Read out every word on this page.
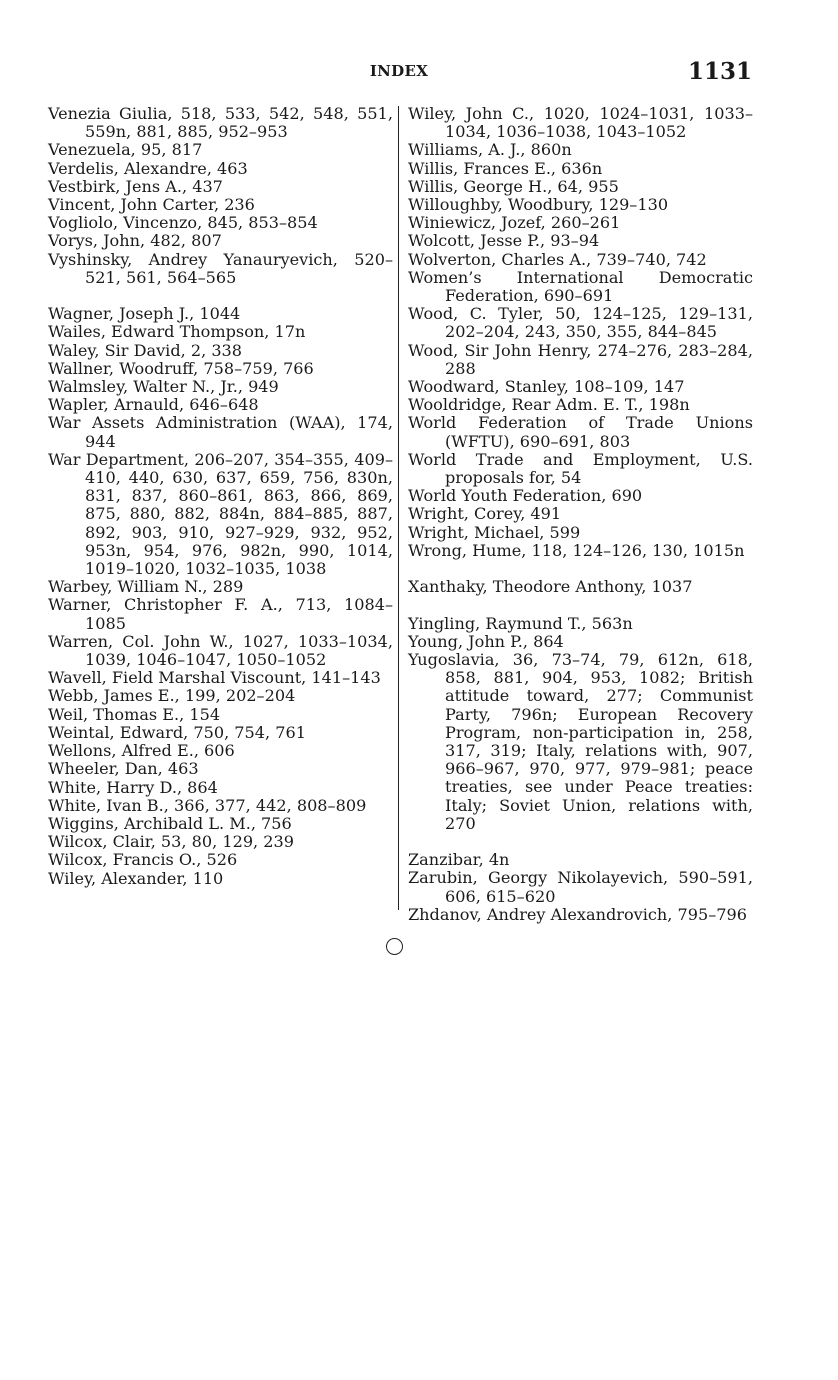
INDEX	1131
Venezia Giulia, 518, 533, 542, 548, 551, 559n, 881, 885, 952–953
Venezuela, 95, 817
Verdelis, Alexandre, 463
Vestbirk, Jens A., 437
Vincent, John Carter, 236
Vogliolo, Vincenzo, 845, 853–854
Vorys, John, 482, 807
Vyshinsky, Andrey Yanauryevich, 520–521, 561, 564–565
Wagner, Joseph J., 1044
Wailes, Edward Thompson, 17n
Waley, Sir David, 2, 338
Wallner, Woodruff, 758–759, 766
Walmsley, Walter N., Jr., 949
Wapler, Arnauld, 646–648
War Assets Administration (WAA), 174, 944
War Department, 206–207, 354–355, 409–410, 440, 630, 637, 659, 756, 830n, 831, 837, 860–861, 863, 866, 869, 875, 880, 882, 884n, 884–885, 887, 892, 903, 910, 927–929, 932, 952, 953n, 954, 976, 982n, 990, 1014, 1019–1020, 1032–1035, 1038
Warbey, William N., 289
Warner, Christopher F. A., 713, 1084–1085
Warren, Col. John W., 1027, 1033–1034, 1039, 1046–1047, 1050–1052
Wavell, Field Marshal Viscount, 141–143
Webb, James E., 199, 202–204
Weil, Thomas E., 154
Weintal, Edward, 750, 754, 761
Wellons, Alfred E., 606
Wheeler, Dan, 463
White, Harry D., 864
White, Ivan B., 366, 377, 442, 808–809
Wiggins, Archibald L. M., 756
Wilcox, Clair, 53, 80, 129, 239
Wilcox, Francis O., 526
Wiley, Alexander, 110
Wiley, John C., 1020, 1024–1031, 1033–1034, 1036–1038, 1043–1052
Williams, A. J., 860n
Willis, Frances E., 636n
Willis, George H., 64, 955
Willoughby, Woodbury, 129–130
Winiewicz, Jozef, 260–261
Wolcott, Jesse P., 93–94
Wolverton, Charles A., 739–740, 742
Women’s International Democratic Federation, 690–691
Wood, C. Tyler, 50, 124–125, 129–131, 202–204, 243, 350, 355, 844–845
Wood, Sir John Henry, 274–276, 283–284, 288
Woodward, Stanley, 108–109, 147
Wooldridge, Rear Adm. E. T., 198n
World Federation of Trade Unions (WFTU), 690–691, 803
World Trade and Employment, U.S. proposals for, 54
World Youth Federation, 690
Wright, Corey, 491
Wright, Michael, 599
Wrong, Hume, 118, 124–126, 130, 1015n
Xanthaky, Theodore Anthony, 1037
Yingling, Raymund T., 563n
Young, John P., 864
Yugoslavia, 36, 73–74, 79, 612n, 618, 858, 881, 904, 953, 1082; British attitude toward, 277; Communist Party, 796n; European Recovery Program, non-participation in, 258, 317, 319; Italy, relations with, 907, 966–967, 970, 977, 979–981; peace treaties, see under Peace treaties: Italy; Soviet Union, relations with, 270
Zanzibar, 4n
Zarubin, Georgy Nikolayevich, 590–591, 606, 615–620
Zhdanov, Andrey Alexandrovich, 795–796
